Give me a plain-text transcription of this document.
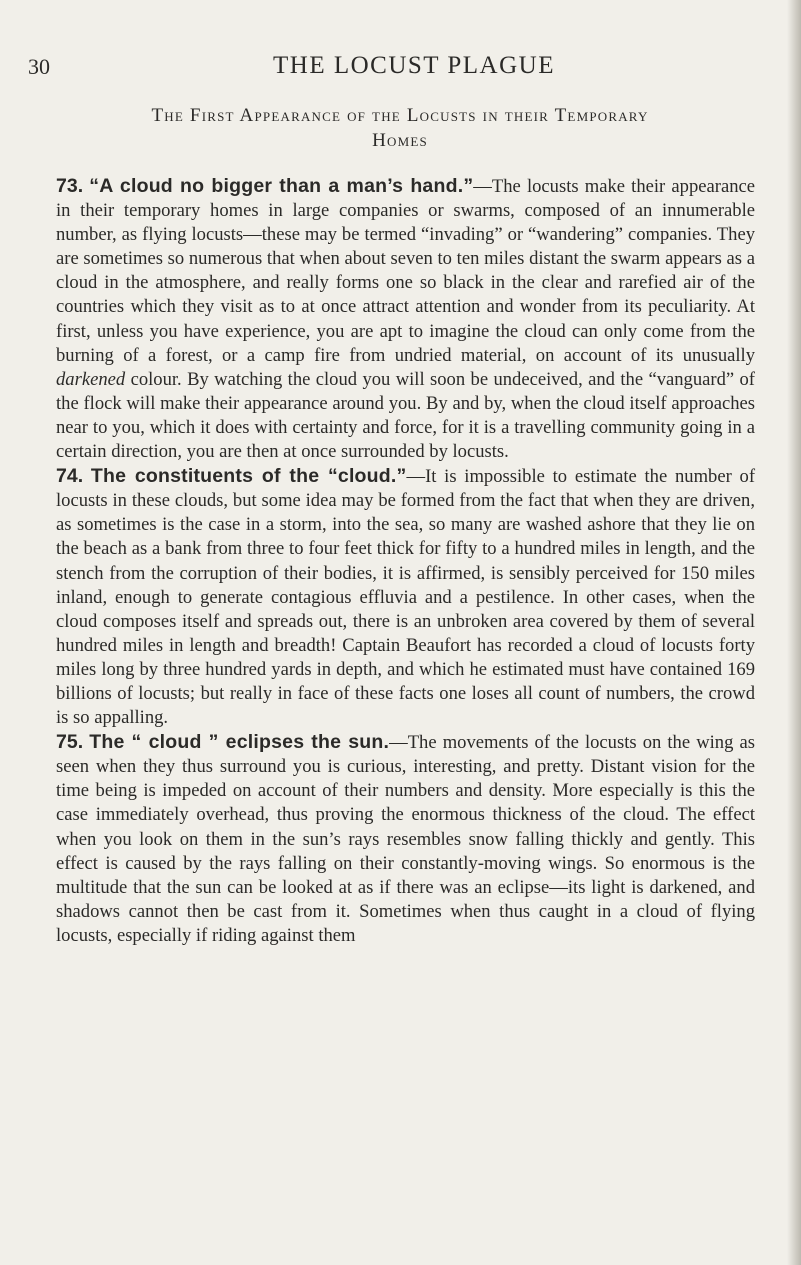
30	THE LOCUST PLAGUE
The First Appearance of the Locusts in their Temporary
Homes

73. “A cloud no bigger than a man’s hand.”—The locusts make their appearance in their temporary homes in large companies or swarms, composed of an innumerable number, as flying locusts—these may be termed “invading” or “wandering” companies. They are sometimes so numerous that when about seven to ten miles distant the swarm appears as a cloud in the atmosphere, and really forms one so black in the clear and rarefied air of the countries which they visit as to at once attract attention and wonder from its peculiarity. At first, unless you have experience, you are apt to imagine the cloud can only come from the burning of a forest, or a camp fire from undried material, on account of its unusually darkened colour. By watching the cloud you will soon be undeceived, and the “vanguard” of the flock will make their appearance around you. By and by, when the cloud itself approaches near to you, which it does with certainty and force, for it is a travelling community going in a certain direction, you are then at once surrounded by locusts.

74. The constituents of the “cloud.”—It is impossible to estimate the number of locusts in these clouds, but some idea may be formed from the fact that when they are driven, as sometimes is the case in a storm, into the sea, so many are washed ashore that they lie on the beach as a bank from three to four feet thick for fifty to a hundred miles in length, and the stench from the corruption of their bodies, it is affirmed, is sensibly perceived for 150 miles inland, enough to generate contagious effluvia and a pestilence. In other cases, when the cloud composes itself and spreads out, there is an unbroken area covered by them of several hundred miles in length and breadth! Captain Beaufort has recorded a cloud of locusts forty miles long by three hundred yards in depth, and which he estimated must have contained 169 billions of locusts; but really in face of these facts one loses all count of numbers, the crowd is so appalling.

75. The “ cloud ” eclipses the sun.—The movements of the locusts on the wing as seen when they thus surround you is curious, interesting, and pretty. Distant vision for the time being is impeded on account of their numbers and density. More especially is this the case immediately overhead, thus proving the enormous thickness of the cloud. The effect when you look on them in the sun’s rays resembles snow falling thickly and gently. This effect is caused by the rays falling on their constantly-moving wings. So enormous is the multitude that the sun can be looked at as if there was an eclipse—its light is darkened, and shadows cannot then be cast from it. Sometimes when thus caught in a cloud of flying locusts, especially if riding against them
